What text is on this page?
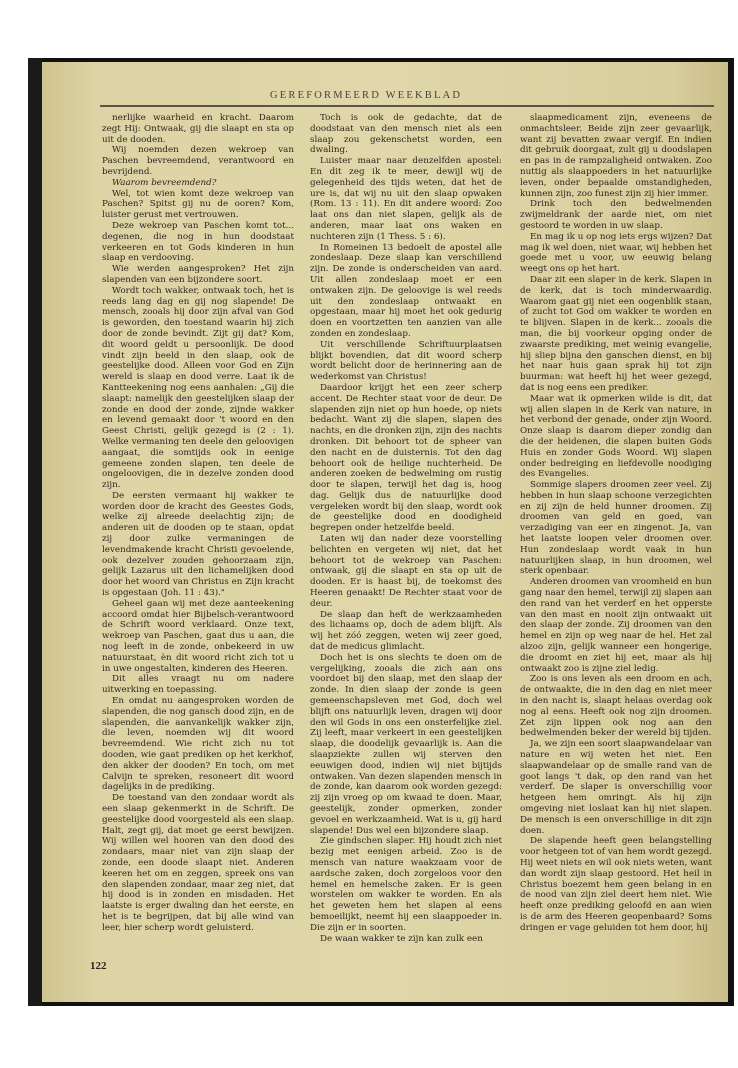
GEREFORMEERD WEEKBLAD

nerlijke waarheid en kracht. Daarom zegt Hij: Ontwaak, gij die slaapt en sta op uit de dooden.

Wij noemden dezen wekroep van Paschen bevreemdend, verantwoord en bevrijdend.

Waarom bevreemdend?

Wel, tot wien komt deze wekroep van Paschen? Spitst gij nu de ooren? Kom, luister gerust met vertrouwen.

Deze wekroep van Paschen komt tot... degenen, die nog in hun doodstaat verkeeren en tot Gods kinderen in hun slaap en verdooving.

Wie werden aangesproken? Het zijn slapenden van een bijzondere soort.

Wordt toch wakker, ontwaak toch, het is reeds lang dag en gij nog slapende! De mensch, zooals hij door zijn afval van God is geworden, den toestand waarin hij zich door de zonde bevindt. Zijt gij dat? Kom, dit woord geldt u persoonlijk. De dood vindt zijn beeld in den slaap, ook de geestelijke dood. Alleen voor God en Zijn wereld is slaap en dood verre. Laat ik de Kantteekening nog eens aanhalen: „Gij die slaapt: namelijk den geestelijken slaap der zonde en dood der zonde, zijnde wakker en levend gemaakt door 't woord en den Geest Christi, gelijk gezegd is (2 : 1). Welke vermaning ten deele den geloovigen aangaat, die somtijds ook in eenige gemeene zonden slapen, ten deele de ongeloovigen, die in dezelve zonden dood zijn.

De eersten vermaant hij wakker te worden door de kracht des Geestes Gods, welke zij alreede deelachtig zijn; de anderen uit de dooden op te staan, opdat zij door zulke vermaningen de levendmakende kracht Christi gevoelende, ook dezelver zouden gehoorzaam zijn, gelijk Lazarus uit den lichamelijken dood door het woord van Christus en Zijn kracht is opgestaan (Joh. 11 : 43)."

Geheel gaan wij met deze aanteekening accoord omdat hier Bijbelsch-verantwoord de Schrift woord verklaard. Onze text, wekroep van Paschen, gaat dus u aan, die nog leeft in de zonde, onbekeerd in uw natuurstaat, èn dit woord richt zich tot u in uwe ongestalten, kinderen des Heeren.

Dit alles vraagt nu om nadere uitwerking en toepassing.

En omdat nu aangesproken worden de slapenden, die nog gansch dood zijn, en de slapenden, die aanvankelijk wakker zijn, die leven, noemden wij dit woord bevreemdend. Wie richt zich nu tot dooden, wie gaat prediken op het kerkhof, den akker der dooden? En toch, om met Calvijn te spreken, resoneert dit woord dagelijks in de prediking.

De toestand van den zondaar wordt als een slaap gekenmerkt in de Schrift. De geestelijke dood voorgesteld als een slaap. Halt, zegt gij, dat moet ge eerst bewijzen. Wij willen wel hooren van den dood des zondaars, maar niet van zijn slaap der zonde, een doode slaapt niet. Anderen keeren het om en zeggen, spreek ons van den slapenden zondaar, maar zeg niet, dat hij dood is in zonden en misdaden. Het laatste is erger dwaling dan het eerste, en het is te begrijpen, dat bij alle wind van leer, hier scherp wordt geluisterd.

Toch is ook de gedachte, dat de doodstaat van den mensch niet als een slaap zou gekenschetst worden, een dwaling.

Luister maar naar denzelfden apostel: En dit zeg ik te meer, dewijl wij de gelegenheid des tijds weten, dat het de ure is, dat wij nu uit den slaap opwaken (Rom. 13 : 11). En dit andere woord: Zoo laat ons dan niet slapen, gelijk als de anderen, maar laat ons waken en nuchteren zijn (1 Thess. 5 : 6).

In Romeinen 13 bedoelt de apostel alle zondeslaap. Deze slaap kan verschillend zijn. De zonde is onderscheiden van aard. Uit allen zondeslaap moet er een ontwaken zijn. De geloovige is wel reeds uit den zondeslaap ontwaakt en opgestaan, maar hij moet het ook gedurig doen en voortzetten ten aanzien van alle zonden en zondeslaap.

Uit verschillende Schriftuurplaatsen blijkt bovendien, dat dit woord scherp wordt belicht door de herinnering aan de wederkomst van Christus!

Daardoor krijgt het een zeer scherp accent. De Rechter staat voor de deur. De slapenden zijn niet op hun hoede, op niets bedacht. Want zij die slapen, slapen des nachts, en die dronken zijn, zijn des nachts dronken. Dit behoort tot de spheer van den nacht en de duisternis. Tot den dag behoort ook de heilige nuchterheid. De anderen zoeken de bedwelming om rustig door te slapen, terwijl het dag is, hoog dag. Gelijk dus de natuurlijke dood vergeleken wordt bij den slaap, wordt ook de geestelijke dood en doodigheid begrepen onder hetzelfde beeld.

Laten wij dan nader deze voorstelling belichten en vergeten wij niet, dat het behoort tot de wekroep van Paschen: ontwaak, gij die slaapt en sta op uit de dooden. Er is haast bij, de toekomst des Heeren genaakt! De Rechter staat voor de deur.

De slaap dan heft de werkzaamheden des lichaams op, doch de adem blijft. Als wij het zóó zeggen, weten wij zeer goed, dat de medicus glimlacht.

Doch het is ons slechts te doen om de vergelijking, zooals die zich aan ons voordoet bij den slaap, met den slaap der zonde. In dien slaap der zonde is geen gemeenschapsleven met God, doch wel blijft ons natuurlijk leven, dragen wij door den wil Gods in ons een onsterfelijke ziel. Zij leeft, maar verkeert in een geestelijken slaap, die doodelijk gevaarlijk is. Aan die slaapziekte zullen wij sterven den eeuwigen dood, indien wij niet bijtijds ontwaken. Van dezen slapenden mensch in de zonde, kan daarom ook worden gezegd: zij zijn vroeg op om kwaad te doen. Maar, geestelijk, zonder opmerken, zonder gevoel en werkzaamheid. Wat is u, gij hard slapende! Dus wel een bijzondere slaap.

Zie gindschen slaper. Hij houdt zich niet bezig met eenigen arbeid. Zoo is de mensch van nature waakzaam voor de aardsche zaken, doch zorgeloos voor den hemel en hemelsche zaken. Er is geen worstelen om wakker te worden. En als het geweten hem het slapen al eens bemoeilijkt, neemt hij een slaappoeder in. Die zijn er in soorten.

De waan wakker te zijn kan zulk een

slaapmedicament zijn, eveneens de onmachtsleer. Beide zijn zeer gevaarlijk, want zij bevatten zwaar vergif. En indien dit gebruik doorgaat, zult gij u doodslapen en pas in de rampzaligheid ontwaken. Zoo nuttig als slaappoeders in het natuurlijke leven, onder bepaalde omstandigheden, kunnen zijn, zoo funest zijn zij hier immer.

Drink toch den bedwelmenden zwijmeldrank der aarde niet, om niet gestoord te worden in uw slaap.

En mag ik u op nog iets ergs wijzen? Dat mag ik wel doen, niet waar, wij hebben het goede met u voor, uw eeuwig belang weegt ons op het hart.

Daar zit een slaper in de kerk. Slapen in de kerk, dat is toch minderwaardig. Waarom gaat gij niet een oogenblik staan, of zucht tot God om wakker te worden en te blijven. Slapen in de kerk... zooals die man, die bij voorkeur opging onder de zwaarste prediking, met weinig evangelie, hij sliep bijna den ganschen dienst, en bij het naar huis gaan sprak hij tot zijn buurman: wat heeft hij het weer gezegd, dat is nog eens een prediker.

Maar wat ik opmerken wilde is dit, dat wij allen slapen in de Kerk van nature, in het verbond der genade, onder zijn Woord. Onze slaap is daarom dieper zondig dan die der heidenen, die slapen buiten Gods Huis en zonder Gods Woord. Wij slapen onder bedreiging en liefdevolle noodiging des Evangelies.

Sommige slapers droomen zeer veel. Zij hebben in hun slaap schoone verzegichten en zij zijn de held hunner droomen. Zij droomen van geld en goed, van verzadiging van eer en zingenot. Ja, van het laatste loopen veler droomen over. Hun zondeslaap wordt vaak in hun natuurlijken slaap, in hun droomen, wel sterk openbaar.

Anderen droomen van vroomheid en hun gang naar den hemel, terwijl zij slapen aan den rand van het verderf en het opperste van den mast en nooit zijn ontwaakt uit den slaap der zonde. Zij droomen van den hemel en zijn op weg naar de hel. Het zal alzoo zijn, gelijk wanneer een hongerige, die droomt en ziet hij eet, maar als hij ontwaakt zoo is zijne ziel ledig.

Zoo is ons leven als een droom en ach, de ontwaakte, die in den dag en niet meer in den nacht is, slaapt helaas overdag ook nog al eens. Heeft ook nog zijn droomen. Zet zijn lippen ook nog aan den bedwelmenden beker der wereld bij tijden.

Ja, we zijn een soort slaapwandelaar van nature en wij weten het niet. Een slaapwandelaar op de smalle rand van de goot langs 't dak, op den rand van het verderf. De slaper is onverschillig voor hetgeen hem omringt. Als hij zijn omgeving niet loslaat kan hij niet slapen. De mensch is een onverschillige in dit zijn doen.

De slapende heeft geen belangstelling voor hetgeen tot of van hem wordt gezegd. Hij weet niets en wil ook niets weten, want dan wordt zijn slaap gestoord. Het heil in Christus boezemt hem geen belang in en de nood van zijn ziel deert hem niet. Wie heeft onze prediking geloofd en aan wien is de arm des Heeren geopenbaard? Soms dringen er vage geluiden tot hem door, hij

122
